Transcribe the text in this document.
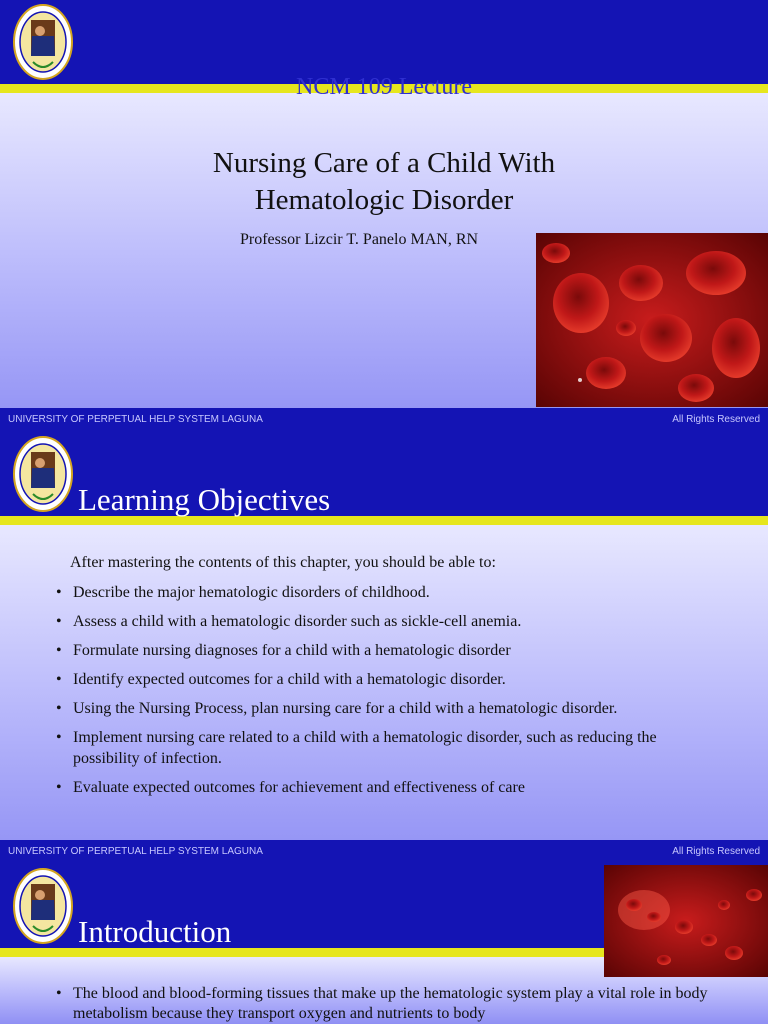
NCM 109 Lecture
Nursing Care of a Child With
Hematologic Disorder
Professor Lizcir T. Panelo MAN, RN
UNIVERSITY OF PERPETUAL HELP SYSTEM LAGUNA	All Rights Reserved
Learning Objectives
After mastering the contents of this chapter, you should be able to:
• Describe the major hematologic disorders of childhood.
• Assess a child with a hematologic disorder such as sickle-cell anemia.
• Formulate nursing diagnoses for a child with a hematologic disorder
• Identify expected outcomes for a child with a hematologic disorder.
• Using the Nursing Process, plan nursing care for a child with a hematologic disorder.
• Implement nursing care related to a child with a hematologic disorder, such as reducing the possibility of infection.
• Evaluate expected outcomes for achievement and effectiveness of care
UNIVERSITY OF PERPETUAL HELP SYSTEM LAGUNA	All Rights Reserved
Introduction
• The blood and blood-forming tissues that make up the hematologic system play a vital role in body metabolism because they transport oxygen and nutrients to body
